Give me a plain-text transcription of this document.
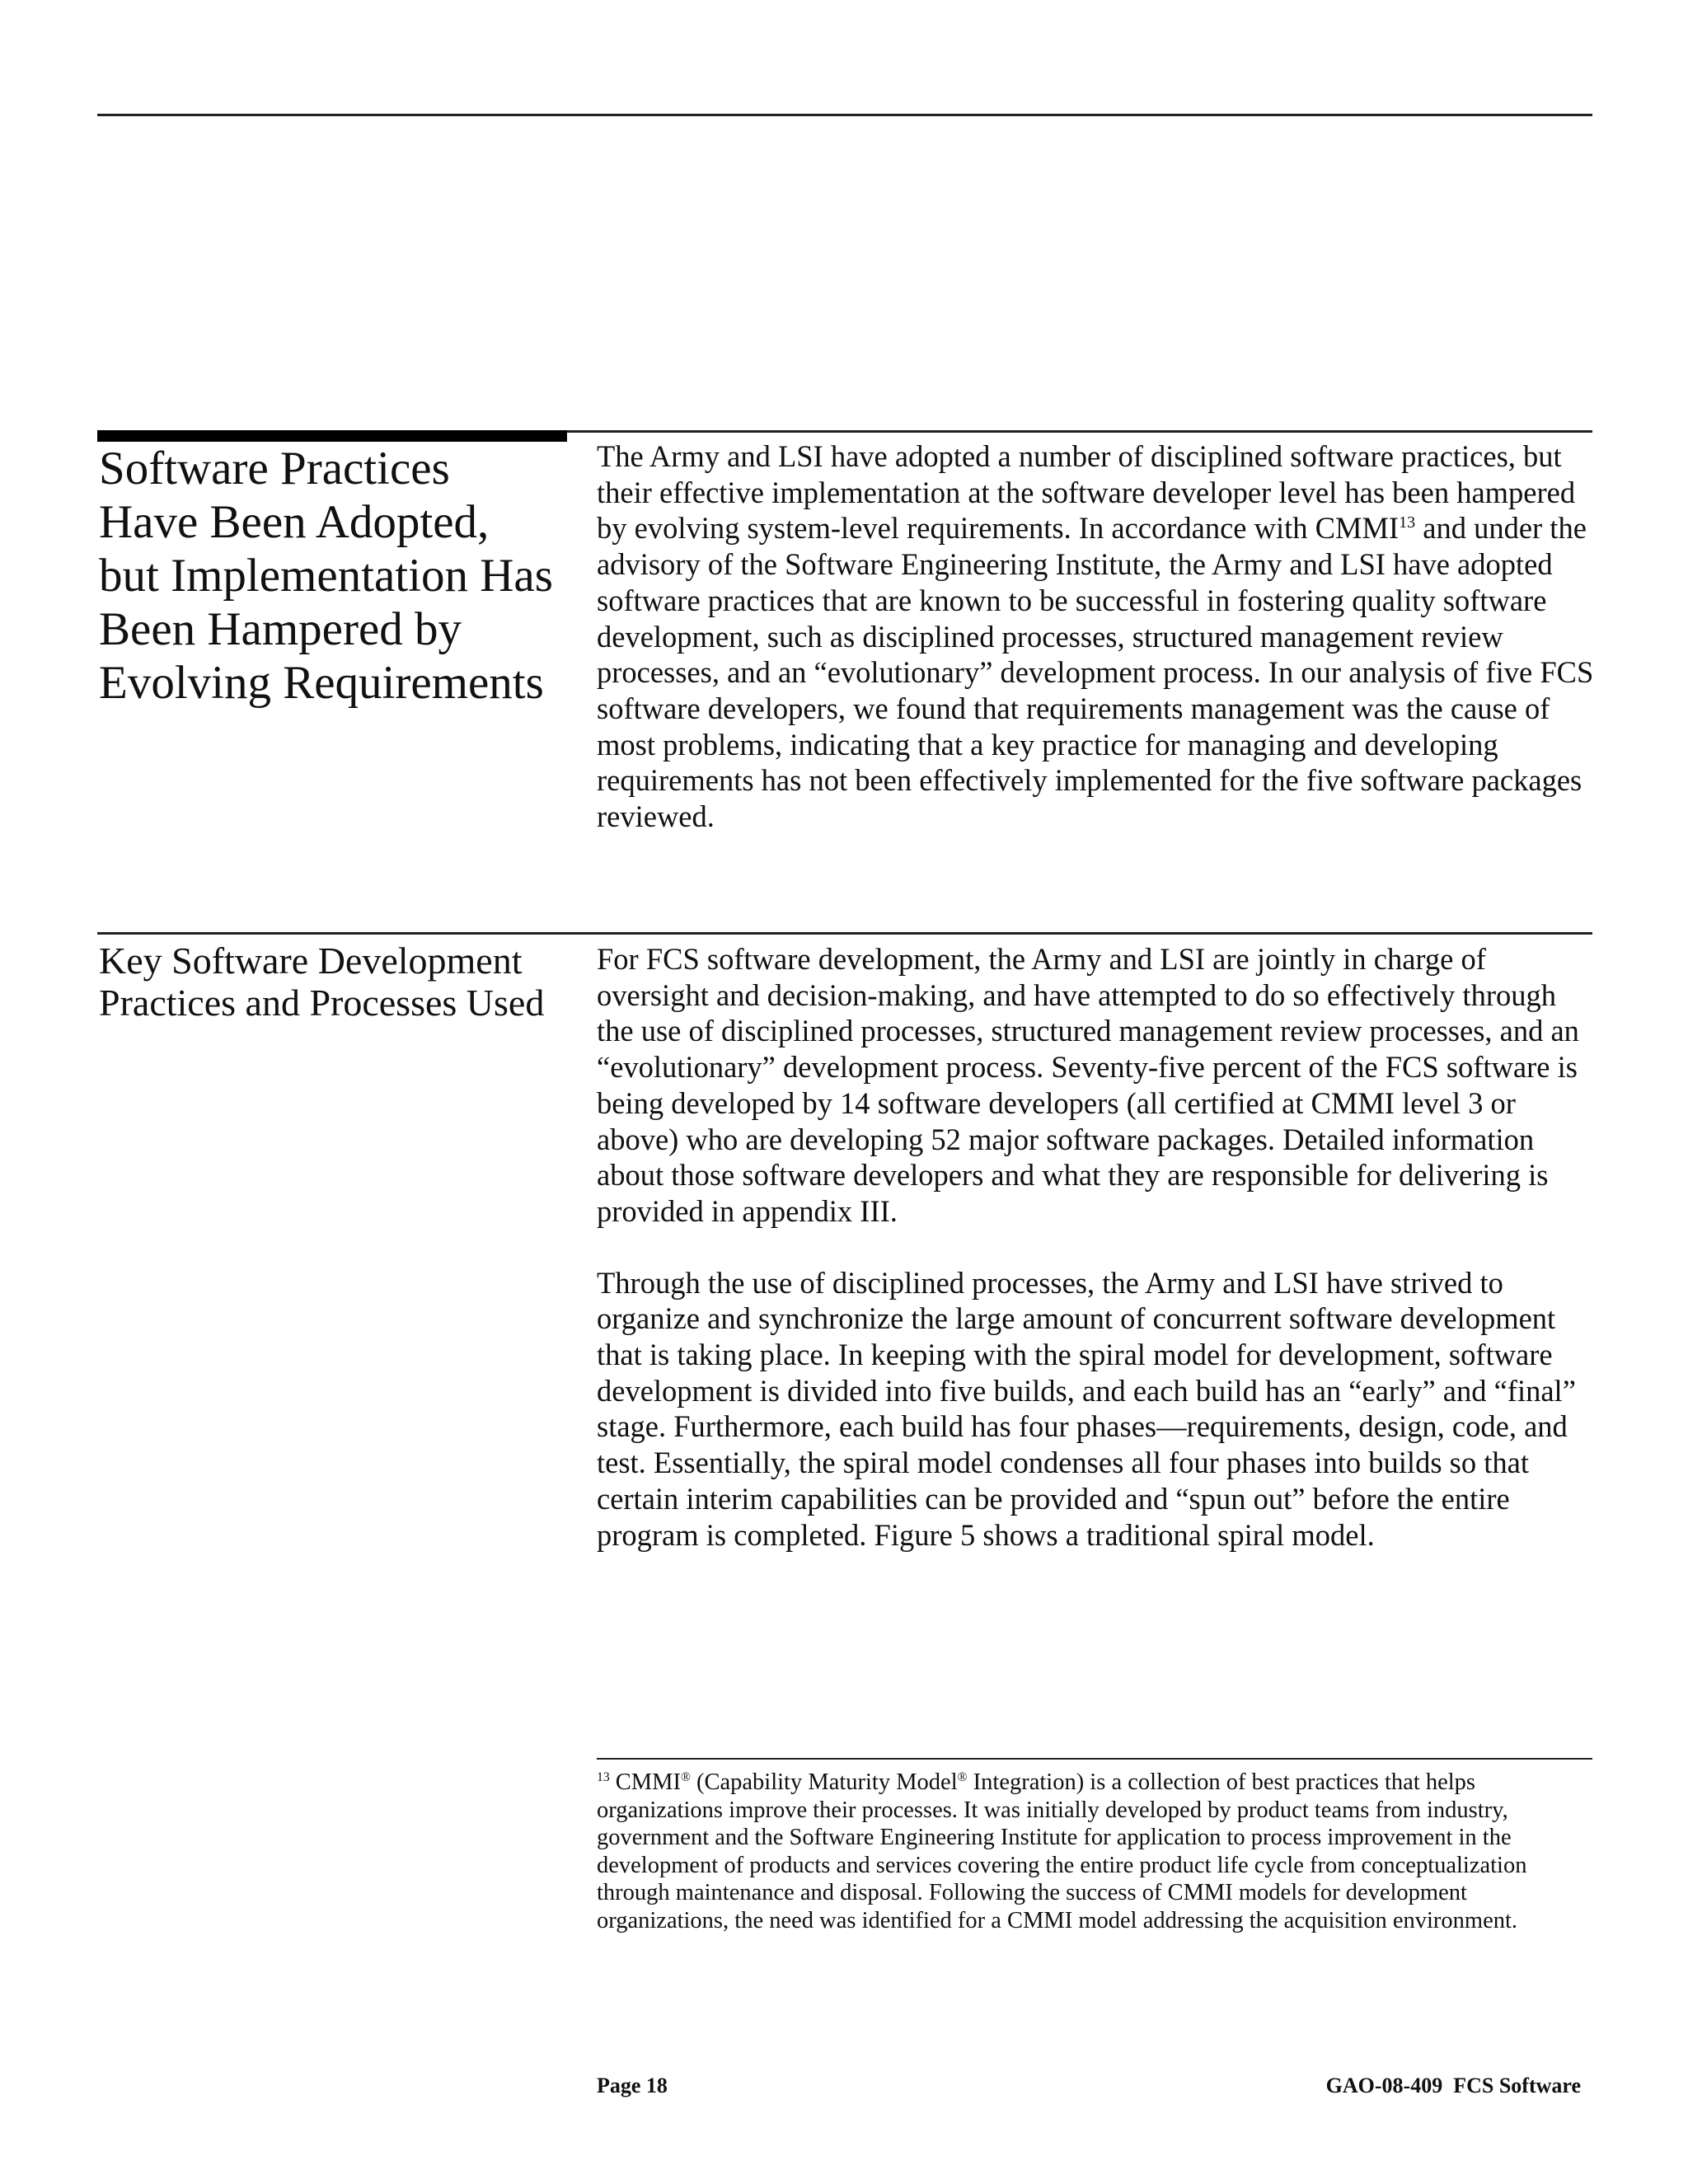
Software Practices Have Been Adopted, but Implementation Has Been Hampered by Evolving Requirements

The Army and LSI have adopted a number of disciplined software practices, but their effective implementation at the software developer level has been hampered by evolving system-level requirements. In accordance with CMMI$^{13}$ and under the advisory of the Software Engineering Institute, the Army and LSI have adopted software practices that are known to be successful in fostering quality software development, such as disciplined processes, structured management review processes, and an “evolutionary” development process. In our analysis of five FCS software developers, we found that requirements management was the cause of most problems, indicating that a key practice for managing and developing requirements has not been effectively implemented for the five software packages reviewed.

Key Software Development Practices and Processes Used

For FCS software development, the Army and LSI are jointly in charge of oversight and decision-making, and have attempted to do so effectively through the use of disciplined processes, structured management review processes, and an “evolutionary” development process. Seventy-five percent of the FCS software is being developed by 14 software developers (all certified at CMMI level 3 or above) who are developing 52 major software packages. Detailed information about those software developers and what they are responsible for delivering is provided in appendix III.

Through the use of disciplined processes, the Army and LSI have strived to organize and synchronize the large amount of concurrent software development that is taking place. In keeping with the spiral model for development, software development is divided into five builds, and each build has an “early” and “final” stage. Furthermore, each build has four phases—requirements, design, code, and test. Essentially, the spiral model condenses all four phases into builds so that certain interim capabilities can be provided and “spun out” before the entire program is completed. Figure 5 shows a traditional spiral model.

$^{13}$ CMMI® (Capability Maturity Model® Integration) is a collection of best practices that helps organizations improve their processes. It was initially developed by product teams from industry, government and the Software Engineering Institute for application to process improvement in the development of products and services covering the entire product life cycle from conceptualization through maintenance and disposal. Following the success of CMMI models for development organizations, the need was identified for a CMMI model addressing the acquisition environment.

Page 18	GAO-08-409  FCS Software
